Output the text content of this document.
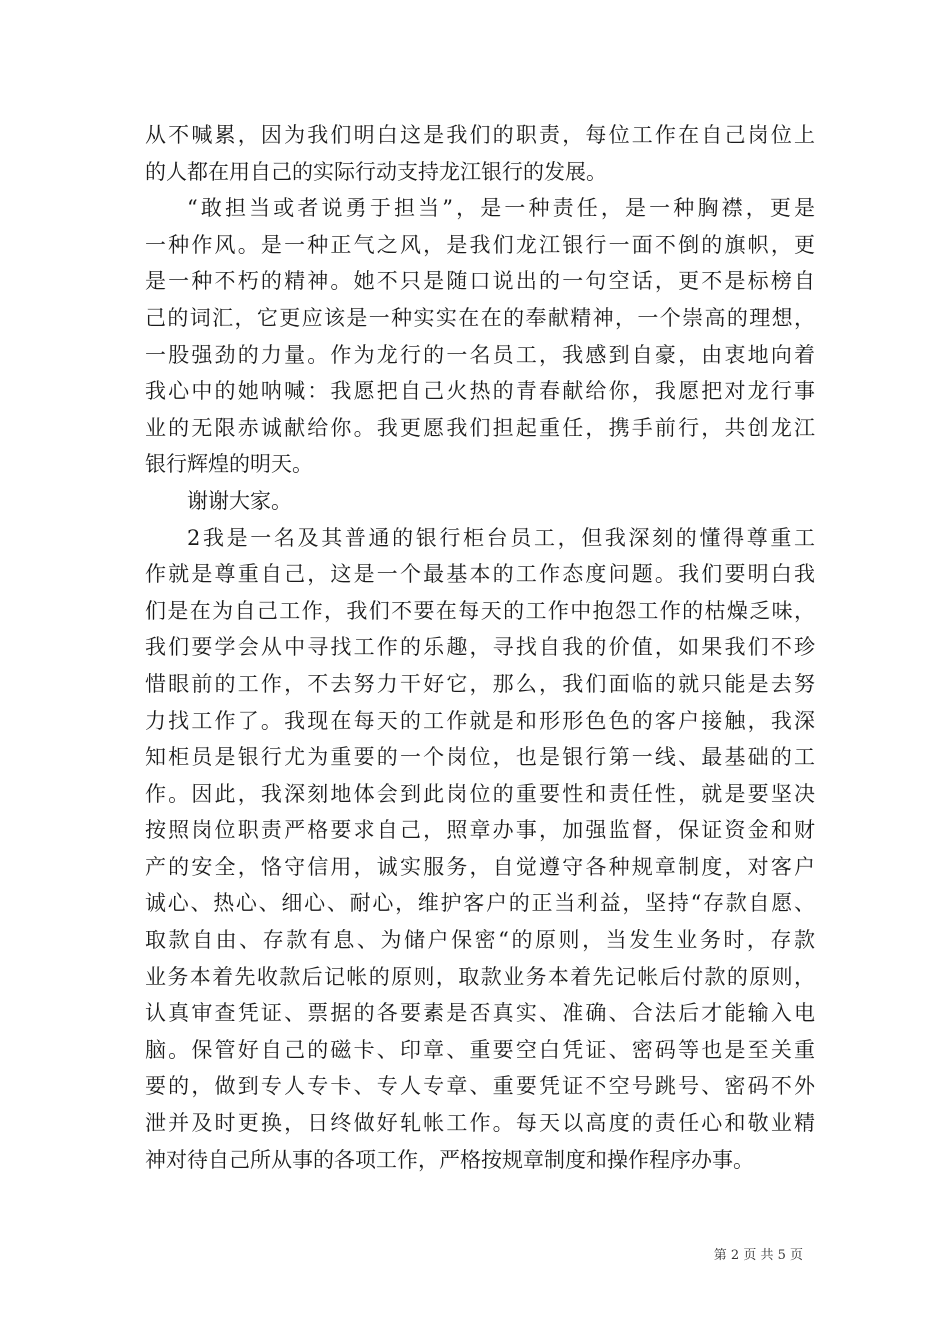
从不喊累，因为我们明白这是我们的职责，每位工作在自己岗位上
的人都在用自己的实际行动支持龙江银行的发展。
“敢担当或者说勇于担当”，是一种责任，是一种胸襟，更是
一种作风。是一种正气之风，是我们龙江银行一面不倒的旗帜，更
是一种不朽的精神。她不只是随口说出的一句空话，更不是标榜自
己的词汇，它更应该是一种实实在在的奉献精神，一个崇高的理想，
一股强劲的力量。作为龙行的一名员工，我感到自豪，由衷地向着
我心中的她呐喊：我愿把自己火热的青春献给你，我愿把对龙行事
业的无限赤诚献给你。我更愿我们担起重任，携手前行，共创龙江
银行辉煌的明天。
谢谢大家。
2我是一名及其普通的银行柜台员工，但我深刻的懂得尊重工
作就是尊重自己，这是一个最基本的工作态度问题。我们要明白我
们是在为自己工作，我们不要在每天的工作中抱怨工作的枯燥乏味，
我们要学会从中寻找工作的乐趣，寻找自我的价值，如果我们不珍
惜眼前的工作，不去努力干好它，那么，我们面临的就只能是去努
力找工作了。我现在每天的工作就是和形形色色的客户接触，我深
知柜员是银行尤为重要的一个岗位，也是银行第一线、最基础的工
作。因此，我深刻地体会到此岗位的重要性和责任性，就是要坚决
按照岗位职责严格要求自己，照章办事，加强监督，保证资金和财
产的安全，恪守信用，诚实服务，自觉遵守各种规章制度，对客户
诚心、热心、细心、耐心，维护客户的正当利益，坚持“存款自愿、
取款自由、存款有息、为储户保密“的原则，当发生业务时，存款
业务本着先收款后记帐的原则，取款业务本着先记帐后付款的原则，
认真审查凭证、票据的各要素是否真实、准确、合法后才能输入电
脑。保管好自己的磁卡、印章、重要空白凭证、密码等也是至关重
要的，做到专人专卡、专人专章、重要凭证不空号跳号、密码不外
泄并及时更换，日终做好轧帐工作。每天以高度的责任心和敬业精
神对待自己所从事的各项工作，严格按规章制度和操作程序办事。
第 2 页 共 5 页
